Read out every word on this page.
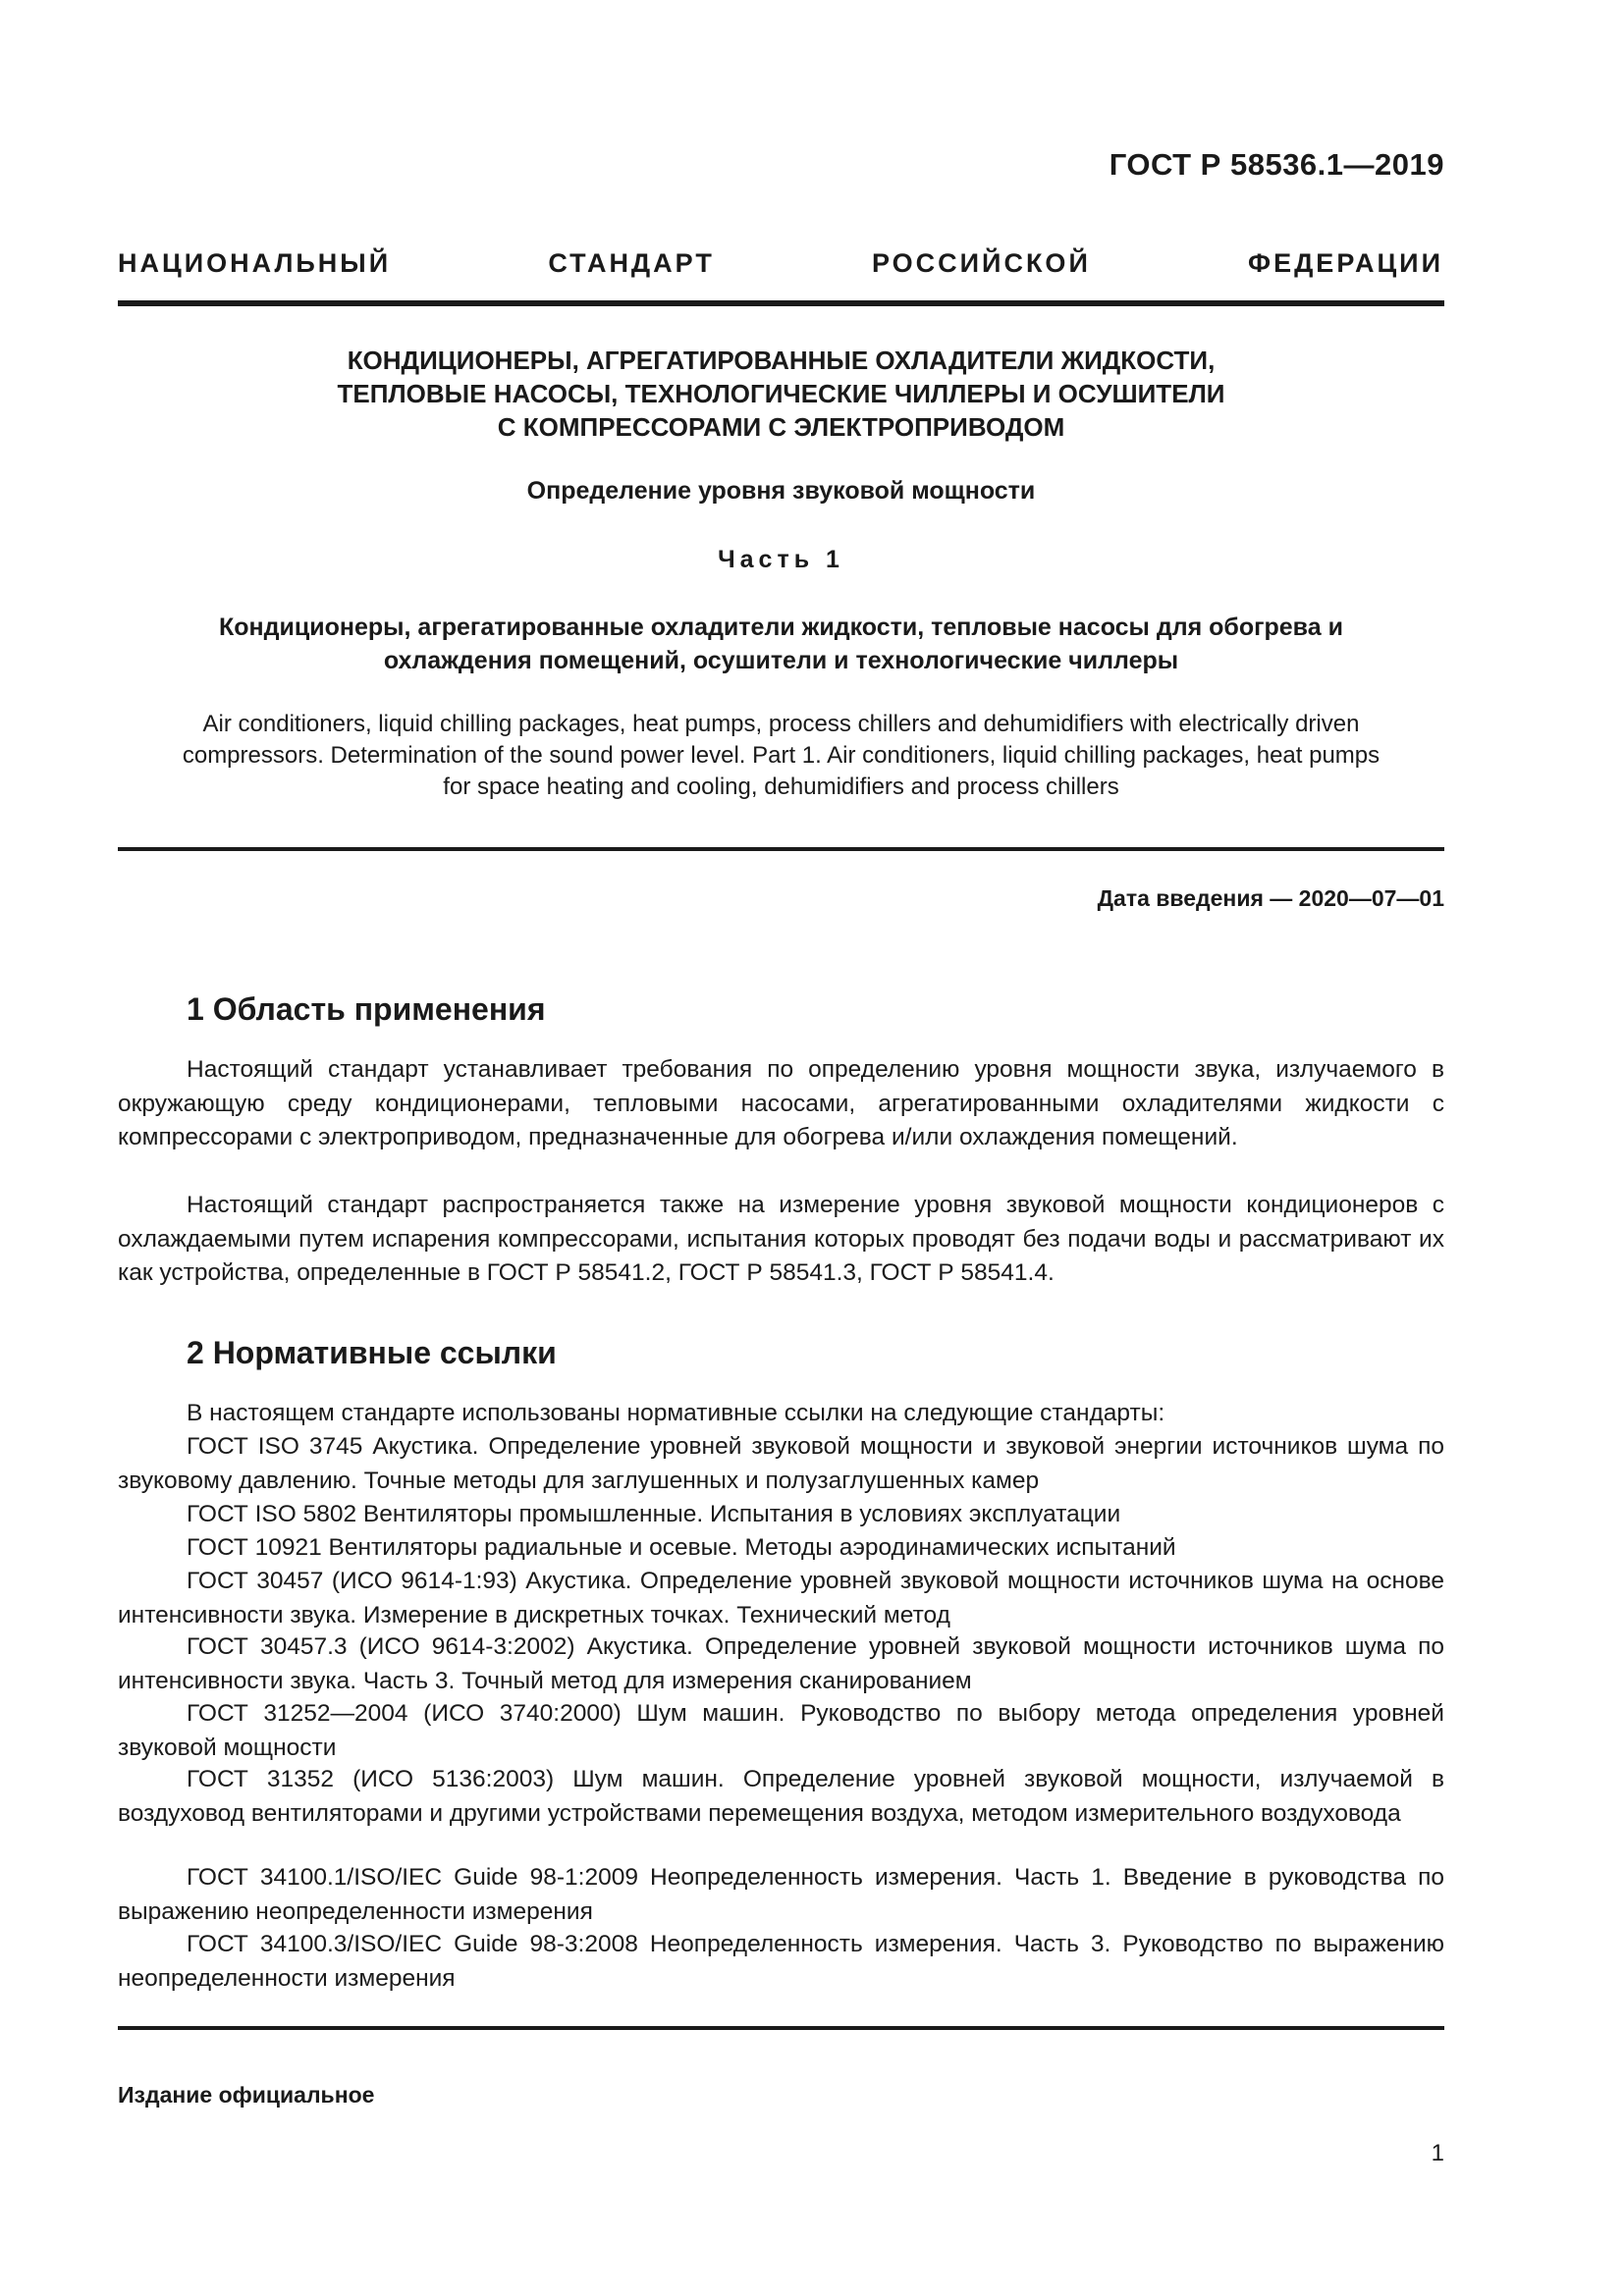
ГОСТ Р 58536.1—2019
НАЦИОНАЛЬНЫЙ СТАНДАРТ РОССИЙСКОЙ ФЕДЕРАЦИИ
КОНДИЦИОНЕРЫ, АГРЕГАТИРОВАННЫЕ ОХЛАДИТЕЛИ ЖИДКОСТИ,
ТЕПЛОВЫЕ НАСОСЫ, ТЕХНОЛОГИЧЕСКИЕ ЧИЛЛЕРЫ И ОСУШИТЕЛИ
С КОМПРЕССОРАМИ С ЭЛЕКТРОПРИВОДОМ
Определение уровня звуковой мощности
Часть 1
Кондиционеры, агрегатированные охладители жидкости, тепловые насосы для обогрева и
охлаждения помещений, осушители и технологические чиллеры
Air conditioners, liquid chilling packages, heat pumps, process chillers and dehumidifiers with electrically driven
compressors. Determination of the sound power level. Part 1. Air conditioners, liquid chilling packages, heat pumps
for space heating and cooling, dehumidifiers and process chillers
Дата введения — 2020—07—01
1 Область применения
Настоящий стандарт устанавливает требования по определению уровня мощности звука, излучаемого в окружающую среду кондиционерами, тепловыми насосами, агрегатированными охладителями жидкости с компрессорами с электроприводом, предназначенные для обогрева и/или охлаждения помещений.
Настоящий стандарт распространяется также на измерение уровня звуковой мощности кондиционеров с охлаждаемыми путем испарения компрессорами, испытания которых проводят без подачи воды и рассматривают их как устройства, определенные в ГОСТ Р 58541.2, ГОСТ Р 58541.3, ГОСТ Р 58541.4.
2 Нормативные ссылки
В настоящем стандарте использованы нормативные ссылки на следующие стандарты:
ГОСТ ISO 3745 Акустика. Определение уровней звуковой мощности и звуковой энергии источников шума по звуковому давлению. Точные методы для заглушенных и полузаглушенных камер
ГОСТ ISO 5802 Вентиляторы промышленные. Испытания в условиях эксплуатации
ГОСТ 10921 Вентиляторы радиальные и осевые. Методы аэродинамических испытаний
ГОСТ 30457 (ИСО 9614-1:93) Акустика. Определение уровней звуковой мощности источников шума на основе интенсивности звука. Измерение в дискретных точках. Технический метод
ГОСТ 30457.3 (ИСО 9614-3:2002) Акустика. Определение уровней звуковой мощности источников шума по интенсивности звука. Часть 3. Точный метод для измерения сканированием
ГОСТ 31252—2004 (ИСО 3740:2000) Шум машин. Руководство по выбору метода определения уровней звуковой мощности
ГОСТ 31352 (ИСО 5136:2003) Шум машин. Определение уровней звуковой мощности, излучаемой в воздуховод вентиляторами и другими устройствами перемещения воздуха, методом измерительного воздуховода
ГОСТ 34100.1/ISO/IEC Guide 98-1:2009 Неопределенность измерения. Часть 1. Введение в руководства по выражению неопределенности измерения
ГОСТ 34100.3/ISO/IEC Guide 98-3:2008 Неопределенность измерения. Часть 3. Руководство по выражению неопределенности измерения
Издание официальное
1
